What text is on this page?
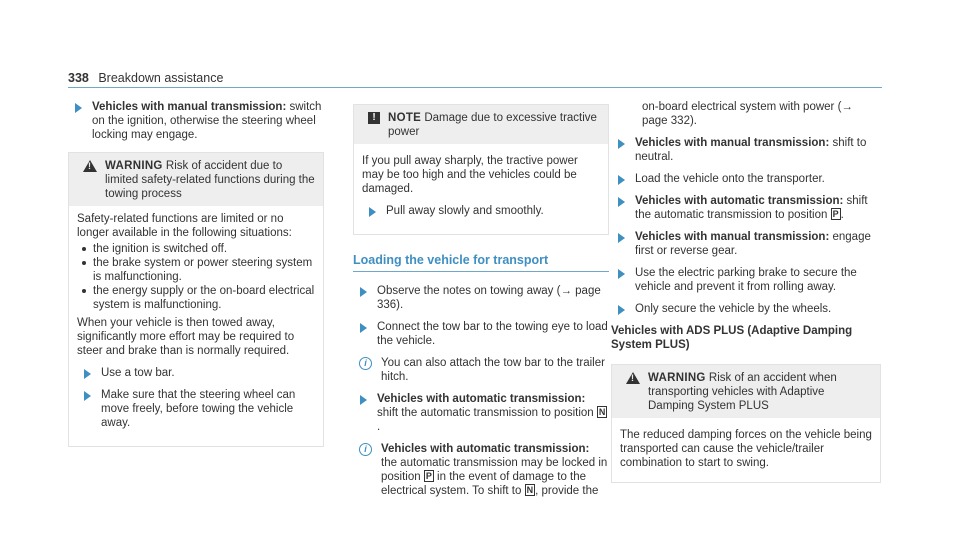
338 Breakdown assistance
Vehicles with manual transmission: switch on the ignition, otherwise the steering wheel locking may engage.
!
WARNING Risk of accident due to limited safety-related functions during the towing process
Safety-related functions are limited or no longer available in the following situations:
the ignition is switched off.
the brake system or power steering system is malfunctioning.
the energy supply or the on-board electrical system is malfunctioning.
When your vehicle is then towed away, significantly more effort may be required to steer and brake than is normally required.
Use a tow bar.
Make sure that the steering wheel can move freely, before towing the vehicle away.
!	NOTE Damage due to excessive tractive power
If you pull away sharply, the tractive power may be too high and the vehicles could be damaged.
Pull away slowly and smoothly.
Loading the vehicle for transport
Observe the notes on towing away (→ page 336).
Connect the tow bar to the towing eye to load the vehicle.
i	You can also attach the tow bar to the trailer hitch.
Vehicles with automatic transmission: shift the automatic transmission to position N.
i	Vehicles with automatic transmission:
the automatic transmission may be locked in position P in the event of damage to the electrical system. To shift to N , provide the
on-board electrical system with power (→ page 332).
Vehicles with manual transmission: shift to neutral.
Load the vehicle onto the transporter.
Vehicles with automatic transmission: shift the automatic transmission to position P .
Vehicles with manual transmission: engage first or reverse gear.
Use the electric parking brake to secure the vehicle and prevent it from rolling away.
Only secure the vehicle by the wheels.
Vehicles with ADS PLUS (Adaptive Damping System PLUS)
!
WARNING Risk of an accident when transporting vehicles with Adaptive Damping System PLUS
The reduced damping forces on the vehicle being transported can cause the vehicle/trailer combination to start to swing.
